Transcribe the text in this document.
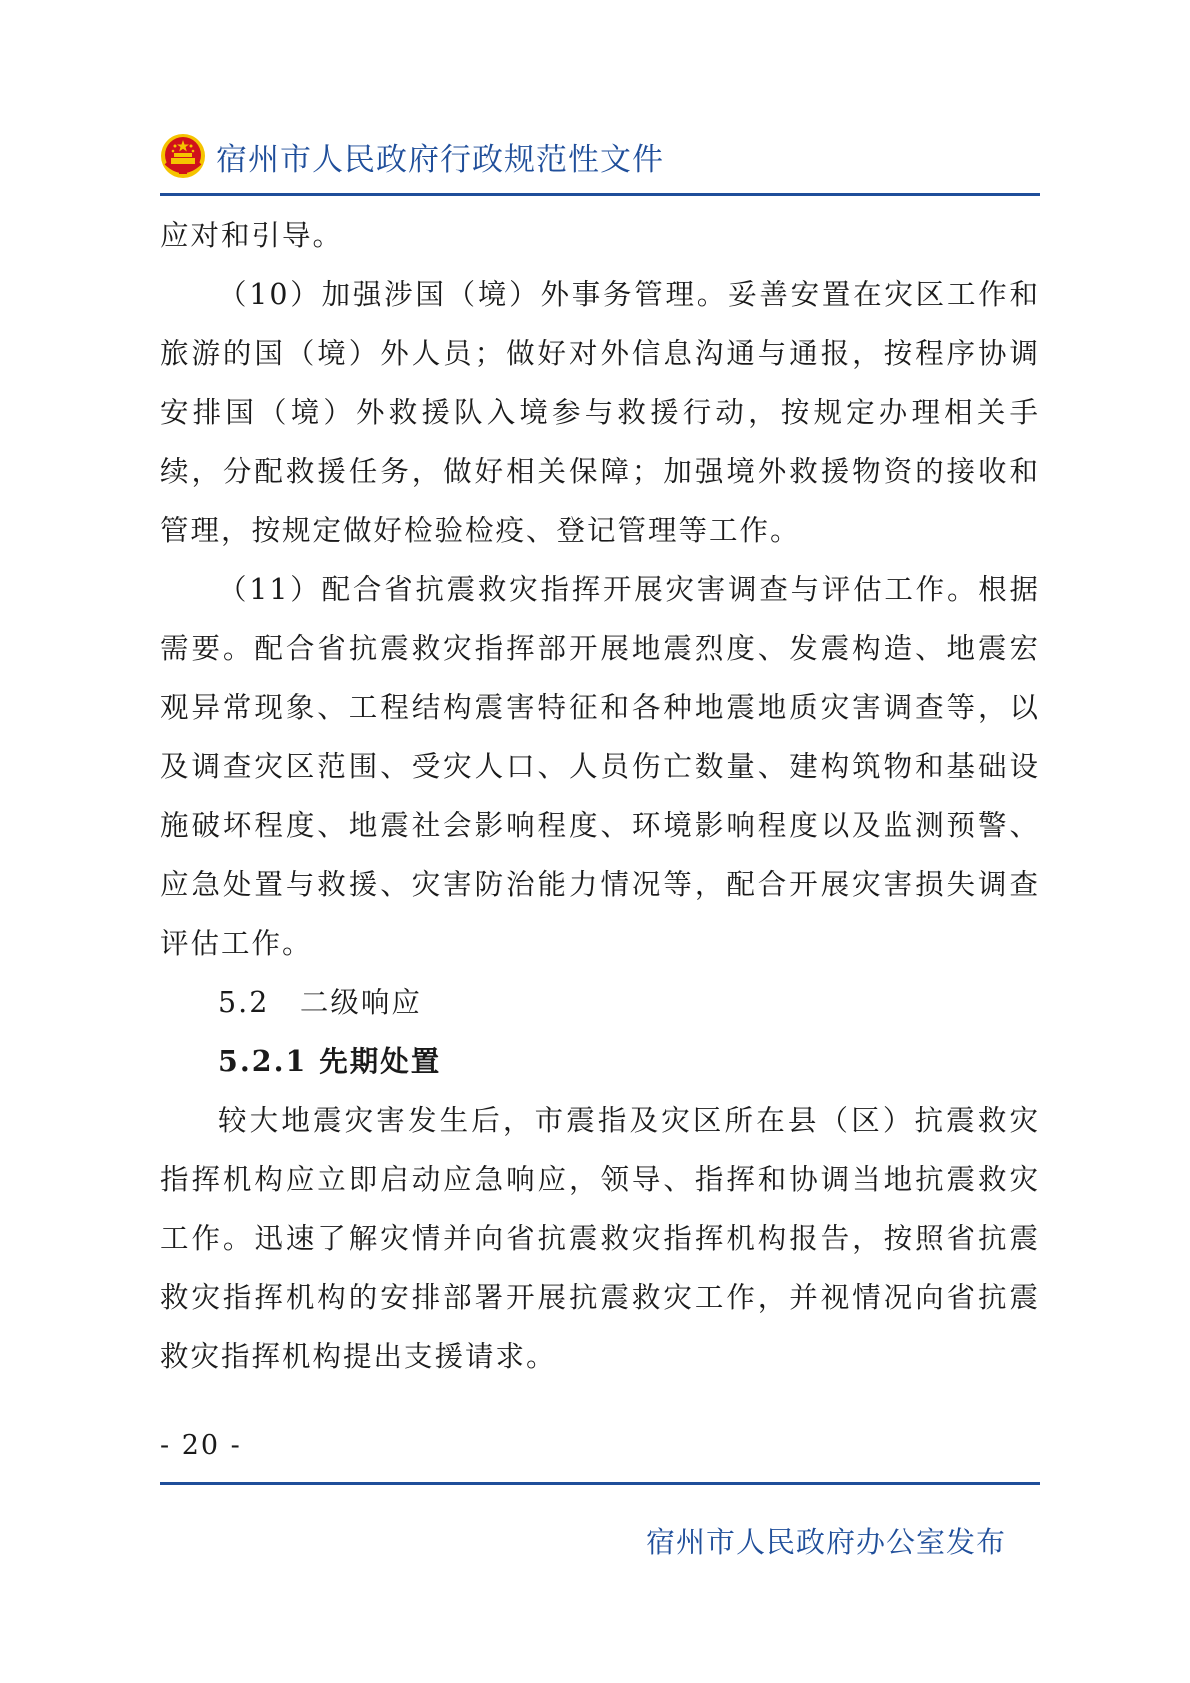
宿州市人民政府行政规范性文件

应对和引导。

（10）加强涉国（境）外事务管理。妥善安置在灾区工作和旅游的国（境）外人员；做好对外信息沟通与通报，按程序协调安排国（境）外救援队入境参与救援行动，按规定办理相关手续，分配救援任务，做好相关保障；加强境外救援物资的接收和管理，按规定做好检验检疫、登记管理等工作。

（11）配合省抗震救灾指挥开展灾害调查与评估工作。根据需要。配合省抗震救灾指挥部开展地震烈度、发震构造、地震宏观异常现象、工程结构震害特征和各种地震地质灾害调查等，以及调查灾区范围、受灾人口、人员伤亡数量、建构筑物和基础设施破坏程度、地震社会影响程度、环境影响程度以及监测预警、应急处置与救援、灾害防治能力情况等，配合开展灾害损失调查评估工作。

5.2　二级响应

5.2.1 先期处置

较大地震灾害发生后，市震指及灾区所在县（区）抗震救灾指挥机构应立即启动应急响应，领导、指挥和协调当地抗震救灾工作。迅速了解灾情并向省抗震救灾指挥机构报告，按照省抗震救灾指挥机构的安排部署开展抗震救灾工作，并视情况向省抗震救灾指挥机构提出支援请求。

- 20 -
宿州市人民政府办公室发布
